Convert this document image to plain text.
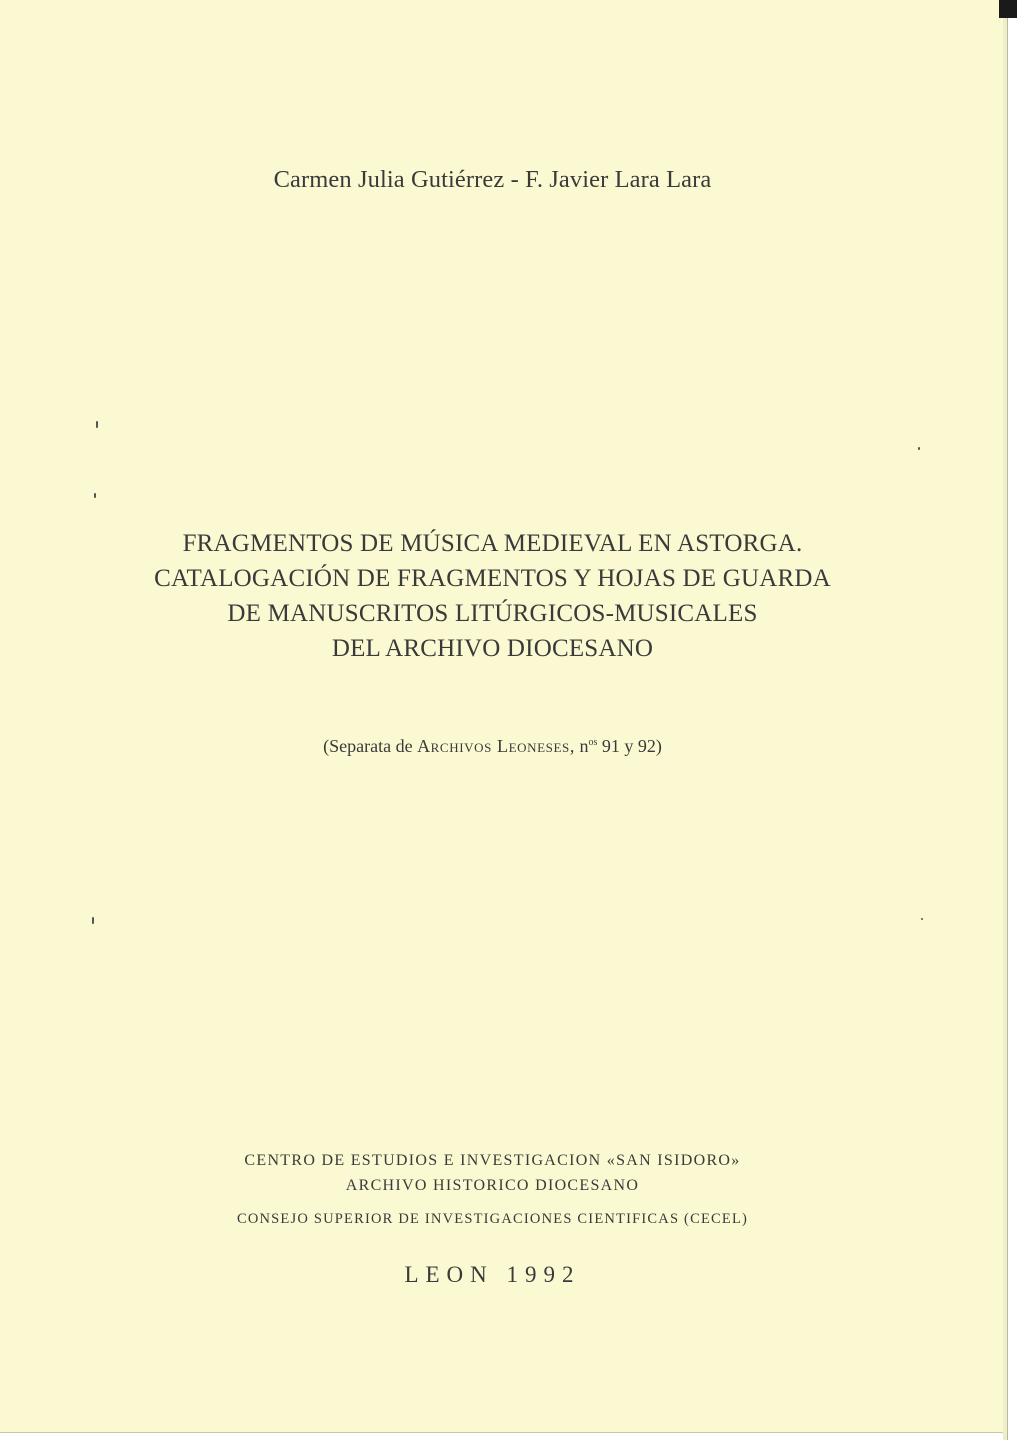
Carmen Julia Gutiérrez - F. Javier Lara Lara
FRAGMENTOS DE MÚSICA MEDIEVAL EN ASTORGA.
CATALOGACIÓN DE FRAGMENTOS Y HOJAS DE GUARDA
DE MANUSCRITOS LITÚRGICOS-MUSICALES
DEL ARCHIVO DIOCESANO
(Separata de Archivos Leoneses, $n^{os}$ 91 y 92)
CENTRO DE ESTUDIOS E INVESTIGACION «SAN ISIDORO»
ARCHIVO HISTORICO DIOCESANO
CONSEJO SUPERIOR DE INVESTIGACIONES CIENTIFICAS (CECEL)
LEON 1992
